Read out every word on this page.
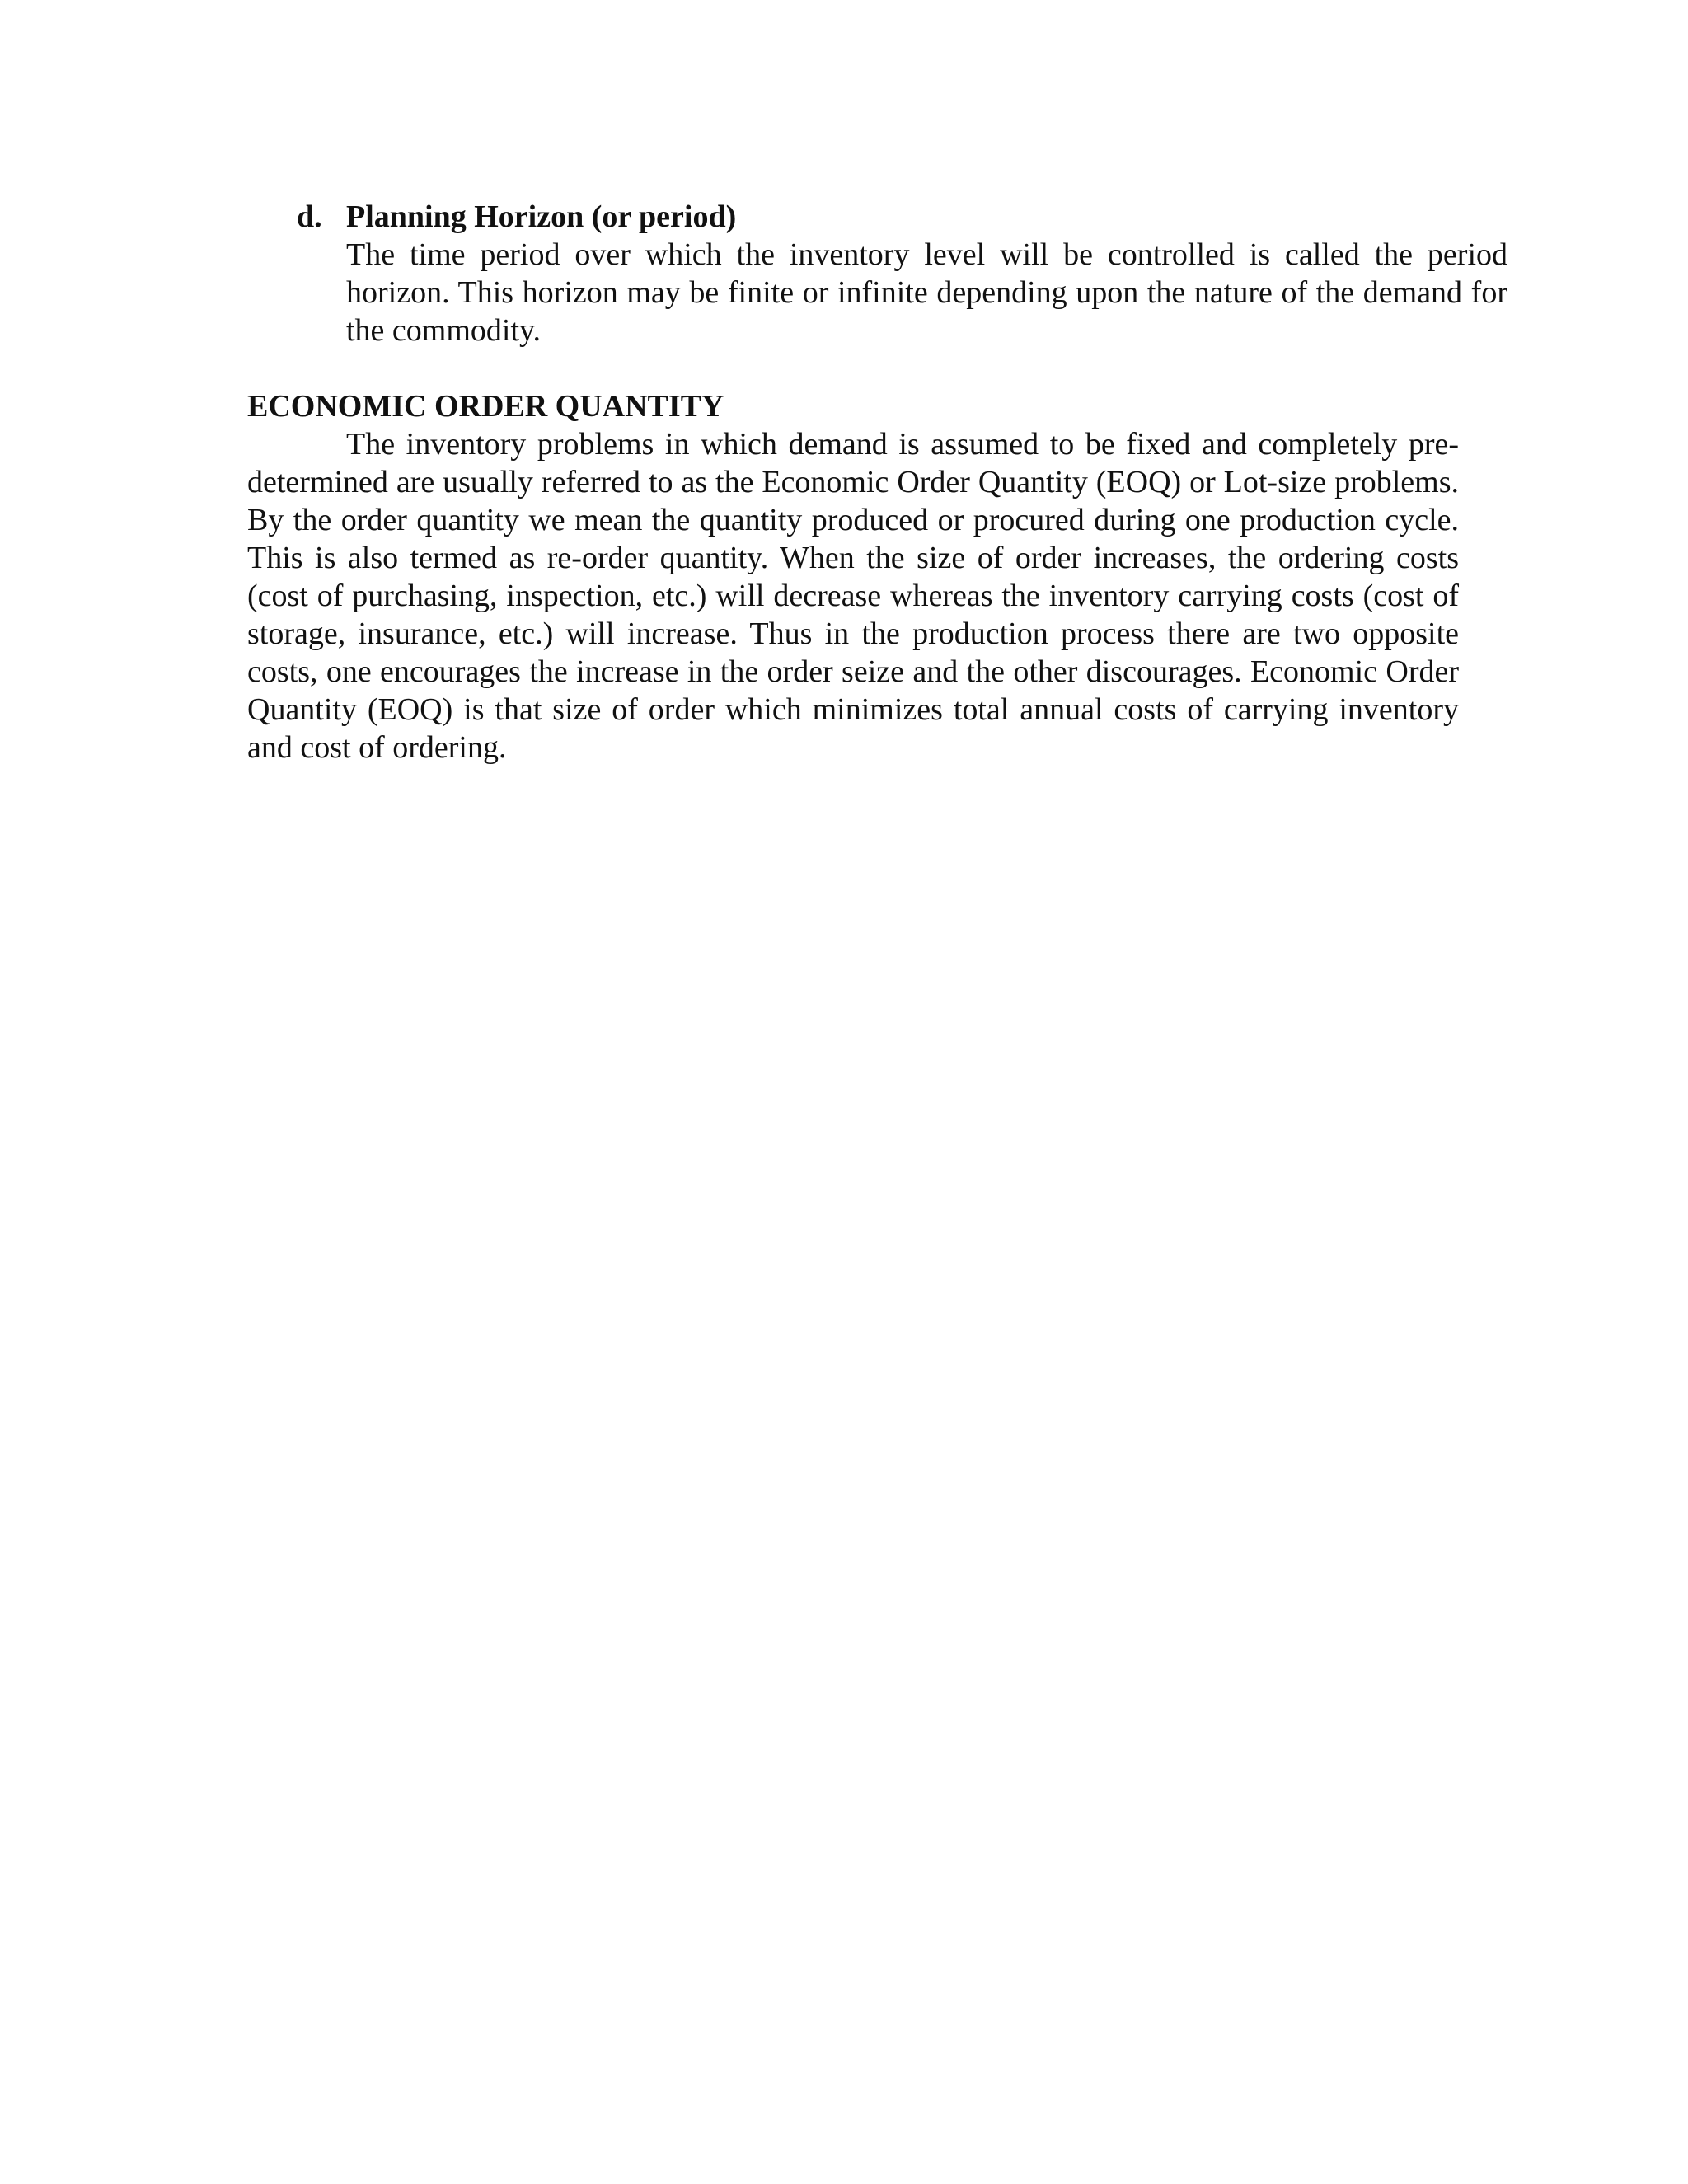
d. Planning Horizon (or period)

The time period over which the inventory level will be controlled is called the period horizon. This horizon may be finite or infinite depending upon the nature of the demand for the commodity.

ECONOMIC ORDER QUANTITY

The inventory problems in which demand is assumed to be fixed and completely pre-determined are usually referred to as the Economic Order Quantity (EOQ) or Lot-size problems. By the order quantity we mean the quantity produced or procured during one production cycle. This is also termed as re-order quantity. When the size of order increases, the ordering costs (cost of purchasing, inspection, etc.) will decrease whereas the inventory carrying costs (cost of storage, insurance, etc.) will increase. Thus in the production process there are two opposite costs, one encourages the increase in the order seize and the other discourages. Economic Order Quantity (EOQ) is that size of order which minimizes total annual costs of carrying inventory and cost of ordering.
